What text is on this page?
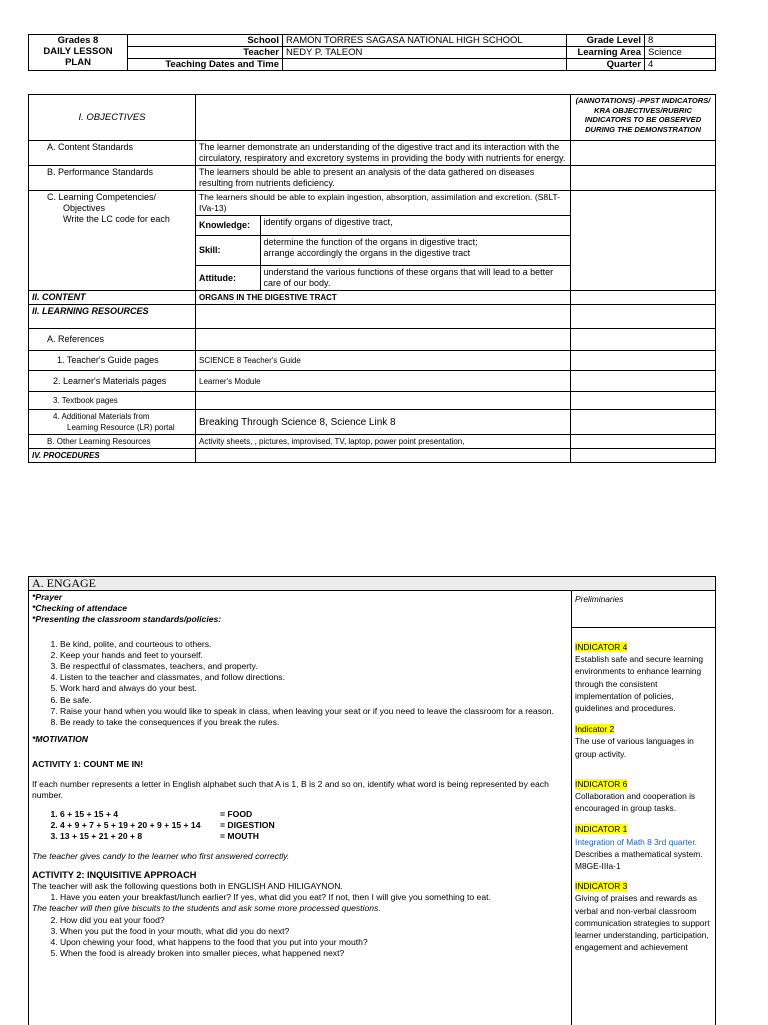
Grades 8
DAILY LESSON
PLAN	School	RAMON TORRES SAGASA NATIONAL HIGH SCHOOL	Grade Level	8
	Teacher	NEDY P. TALEON	Learning Area	Science
	Teaching Dates and Time		Quarter	4
I. OBJECTIVES		(ANNOTATIONS) -PPST INDICATORS/ KRA OBJECTIVES/RUBRIC INDICATORS TO BE OBSERVED DURING THE DEMONSTRATION
A. Content Standards	The learner demonstrate an understanding of the digestive tract and its interaction with the circulatory, respiratory and excretory systems in providing the body with nutrients for energy.	
B. Performance Standards	The learners should be able to present an analysis of the data gathered on diseases resulting from nutrients deficiency.	

C. Learning Competencies/
Objectives
Write the LC code for each

The learners should be able to explain ingestion, absorption, assimilation and excretion. (S8LT-IVa-13)
Knowledge:	identify organs of digestive tract,
Skill:	
determine the function of the organs in digestive tract;
arrange accordingly the organs in the digestive tract

Attitude:	understand the various functions of these organs that will lead to a better care of our body.

II. CONTENT	ORGANS IN THE DIGESTIVE TRACT	
II. LEARNING RESOURCES		
A. References		
1. Teacher's Guide pages	SCIENCE 8 Teacher's Guide	
2. Learner's Materials pages	Learner's Module	
3. Textbook pages		

4. Additional Materials from
Learning Resource (LR) portal	Breaking Through Science 8, Science Link 8	
B. Other Learning Resources	Activity sheets, , pictures, improvised, TV, laptop, power point presentation,	
IV. PROCEDURES		
A. ENGAGE

*Prayer

*Checking of attendace

*Presenting the classroom standards/policies:

1. Be kind, polite, and courteous to others.
2. Keep your hands and feet to yourself.
3. Be respectful of classmates, teachers, and property.
4. Listen to the teacher and classmates, and follow directions.
5. Work hard and always do your best.
6. Be safe.
7. Raise your hand when you would like to speak in class, when leaving your seat or if you need to leave the classroom for a reason.
8. Be ready to take the consequences if you break the rules.

*MOTIVATION

ACTIVITY 1: COUNT ME IN!

If each number represents a letter in English alphabet such that A is 1, B is 2 and so on, identify what word is being represented by each number.

1. 6 + 15 + 15 + 4	= FOOD
2. 4 + 9 + 7 + 5 + 19 + 20 + 9 + 15 + 14 = DIGESTION
3. 13 + 15 + 21 + 20 + 8	= MOUTH

The teacher gives candy to the learner who first answered correctly.

ACTIVITY 2: INQUISITIVE APPROACH

The teacher will ask the following questions both in ENGLISH AND HILIGAYNON.

1. Have you eaten your breakfast/lunch earlier? If yes, what did you eat? If not, then I will give you something to eat.

The teacher will then give biscuits to the students and ask some more processed questions.

2. How did you eat your food?
3. When you put the food in your mouth, what did you do next?
4. Upon chewing your food, what happens to the food that you put into your mouth?
5. When the food is already broken into smaller pieces, what happened next?
Preliminaries
INDICATOR 4

Establish safe and secure learning environments to enhance learning through the consistent implementation of policies, guidelines and procedures.

Indicator 2

The use of various languages in group activity.

INDICATOR 6

Collaboration and cooperation is encouraged in group tasks.

INDICATOR 1

Integration of Math 8 3rd quarter.

Describes a mathematical system. M8GE-IIIa-1

INDICATOR 3

Giving of praises and rewards as verbal and non-verbal classroom communication strategies to support learner understanding, participation, engagement and achievement
